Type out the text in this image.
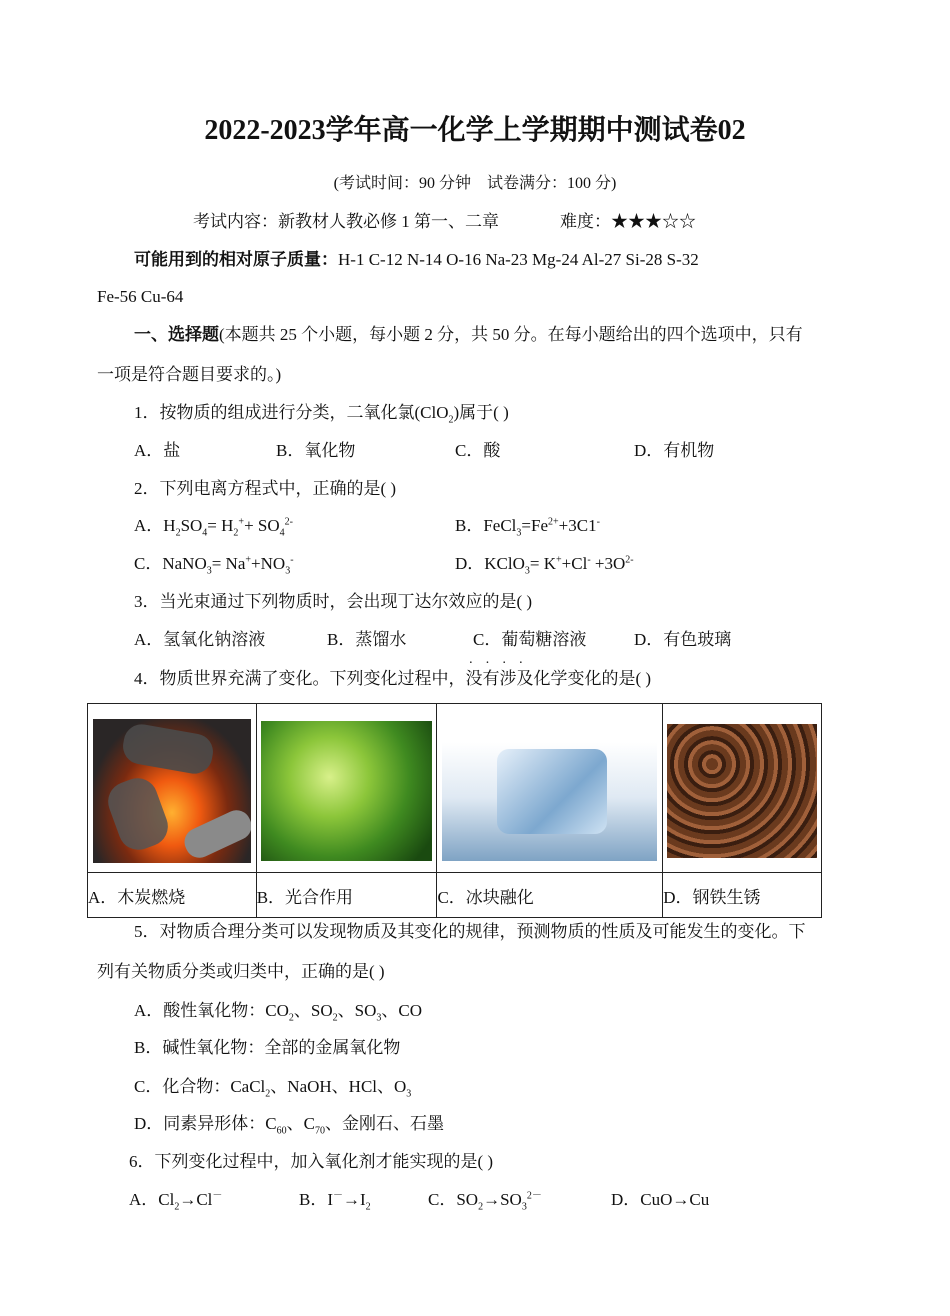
2022-2023学年高一化学上学期期中测试卷02
(考试时间：90 分钟　试卷满分：100 分)
考试内容：新教材人教必修 1 第一、二章	难度：★★★☆☆
可能用到的相对原子质量：H-1 C-12 N-14 O-16 Na-23 Mg-24 Al-27 Si-28 S-32
Fe-56 Cu-64
一、选择题(本题共 25 个小题，每小题 2 分，共 50 分。在每小题给出的四个选项中，只有
一项是符合题目要求的。)
1．按物质的组成进行分类，二氧化氯(ClO$_2$)属于( )
A．盐	B．氧化物	C．酸	D．有机物
2．下列电离方程式中，正确的是( )
A．$H_2SO_4= H_2^++ SO_4^{2-}$	B．$FeCl_3=Fe^{2+}+3C1^-$
C．NaNO$_3$= $Na^++NO_3^-$	D．KClO$_3$= $K^++Cl^- +3O^{2-}$
3．当光束通过下列物质时，会出现丁达尔效应的是( )
A．氢氧化钠溶液	B．蒸馏水	C．葡萄糖溶液	D．有色玻璃
4．物质世界充满了变化。下列变化过程中，
····
没有涉及化学变化的是( )

A．木炭燃烧	B．光合作用	C．冰块融化	D．钢铁生锈
5．对物质合理分类可以发现物质及其变化的规律，预测物质的性质及可能发生的变化。下
列有关物质分类或归类中，正确的是( )
A．酸性氧化物：$CO_2$、$SO_2$、$SO_3$、CO
B．碱性氧化物：全部的金属氧化物
C．化合物：CaCl$_2$、NaOH、HCl、$O_3$
D．同素异形体：$C_{60}$、$C_{70}$、金刚石、石墨
6．下列变化过程中，加入氧化剂才能实现的是( )
A．$Cl_2\to Cl^-$	B．$I^-\to I_2$	C．$SO_2\to SO_3^{2-}$	D．CuO→Cu
